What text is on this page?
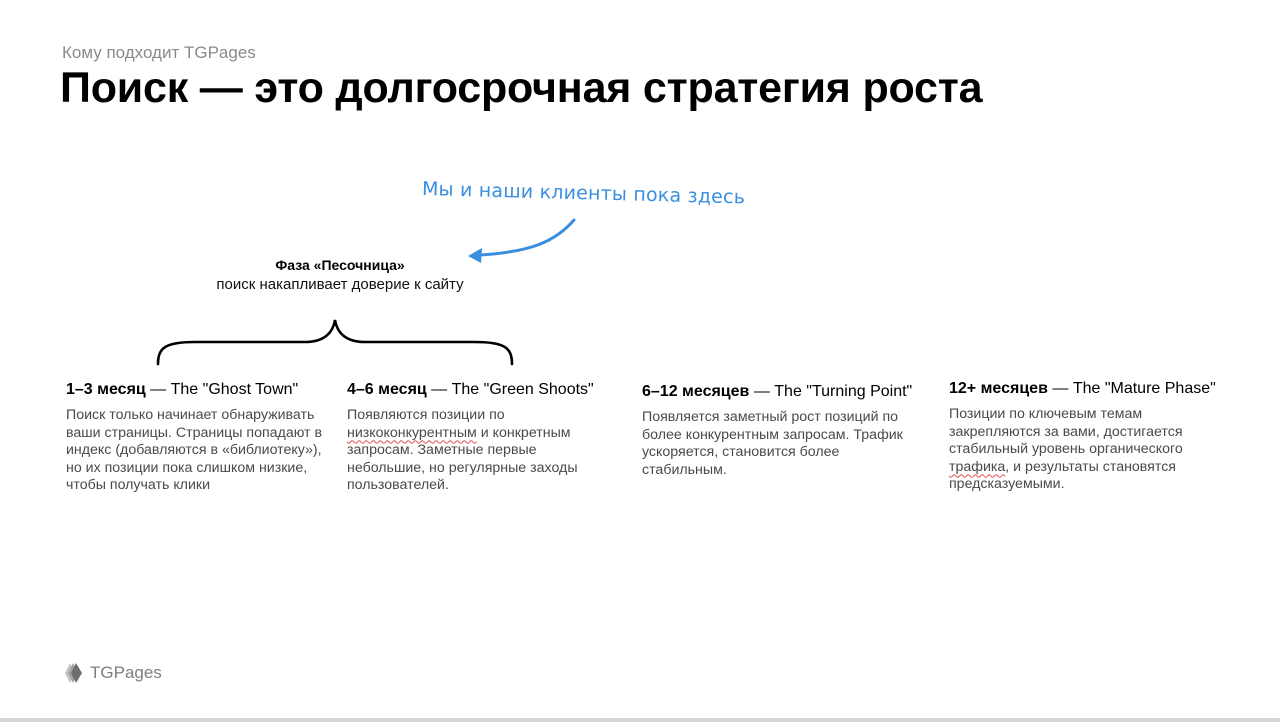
Кому подходит TGPages
Поиск — это долгосрочная стратегия роста
Мы и наши клиенты пока здесь
Фаза «Песочница»
поиск накапливает доверие к сайту
1–3 месяц — The "Ghost Town"
Поиск только начинает обнаруживать ваши страницы. Страницы попадают в индекс (добавляются в «библиотеку»), но их позиции пока слишком низкие, чтобы получать клики
4–6 месяц — The "Green Shoots"
Появляются позиции по низкоконкурентным и конкретным запросам. Заметные первые небольшие, но регулярные заходы пользователей.
6–12 месяцев — The "Turning Point"
Появляется заметный рост позиций по более конкурентным запросам. Трафик ускоряется, становится более стабильным.
12+ месяцев — The "Mature Phase"
Позиции по ключевым темам закрепляются за вами, достигается стабильный уровень органического трафика, и результаты становятся предсказуемыми.
TGPages
